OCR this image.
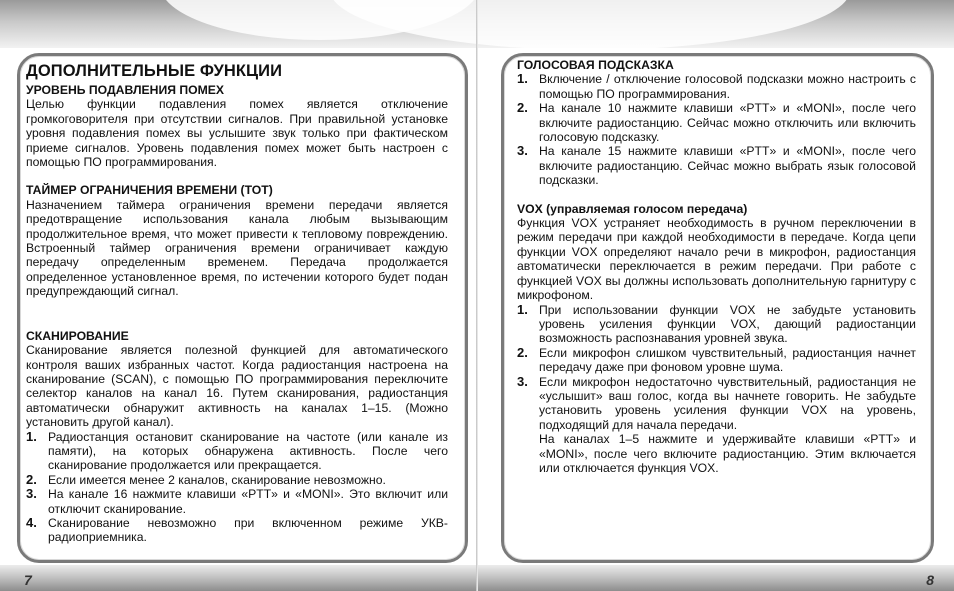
ДОПОЛНИТЕЛЬНЫЕ ФУНКЦИИ
УРОВЕНЬ ПОДАВЛЕНИЯ ПОМЕХ

Целью функции подавления помех является отключение громкоговорителя при отсутствии сигналов. При правильной установке уровня подавления помех вы услышите звук только при фактическом приеме сигналов. Уровень подавления помех может быть настроен с помощью ПО программирования.

ТАЙМЕР ОГРАНИЧЕНИЯ ВРЕМЕНИ (TOT)

Назначением таймера ограничения времени передачи является предотвращение использования канала любым вызывающим продолжительное время, что может привести к тепловому повреждению. Встроенный таймер ограничения времени ограничивает каждую передачу определенным временем. Передача продолжается определенное установленное время, по истечении которого будет подан предупреждающий сигнал.

СКАНИРОВАНИЕ

Сканирование является полезной функцией для автоматического контроля ваших избранных частот. Когда радиостанция настроена на сканирование (SCAN), с помощью ПО программирования переключите селектор каналов на канал 16. Путем сканирования, радиостанция автоматически обнаружит активность на каналах 1–15. (Можно установить другой канал).

1. Радиостанция остановит сканирование на частоте (или канале из памяти), на которых обнаружена активность. После чего сканирование продолжается или прекращается.
2. Если имеется менее 2 каналов, сканирование невозможно.
3. На канале 16 нажмите клавиши «PTT» и «MONI». Это включит или отключит сканирование.
4. Сканирование невозможно при включенном режиме УКВ-радиоприемника.
ГОЛОСОВАЯ ПОДСКАЗКА
1. Включение / отключение голосовой подсказки можно настроить с помощью ПО программирования.
2. На канале 10 нажмите клавиши «PTT» и «MONI», после чего включите радиостанцию. Сейчас можно отключить или включить голосовую подсказку.
3. На канале 15 нажмите клавиши «PTT» и «MONI», после чего включите радиостанцию. Сейчас можно выбрать язык голосовой подсказки.
VOX (управляемая голосом передача)

Функция VOX устраняет необходимость в ручном переключении в режим передачи при каждой необходимости в передаче. Когда цепи функции VOX определяют начало речи в микрофон, радиостанция автоматически переключается в режим передачи. При работе с функцией VOX вы должны использовать дополнительную гарнитуру с микрофоном.

1. При использовании функции VOX не забудьте установить уровень усиления функции VOX, дающий радиостанции возможность распознавания уровней звука.
2. Если микрофон слишком чувствительный, радиостанция начнет передачу даже при фоновом уровне шума.
3. Если микрофон недостаточно чувствительный, радиостанция не «услышит» ваш голос, когда вы начнете говорить. Не забудьте установить уровень усиления функции VOX на уровень, подходящий для начала передачи.
На каналах 1–5 нажмите и удерживайте клавиши «PTT» и «MONI», после чего включите радиостанцию. Этим включается или отключается функция VOX.
7	8
